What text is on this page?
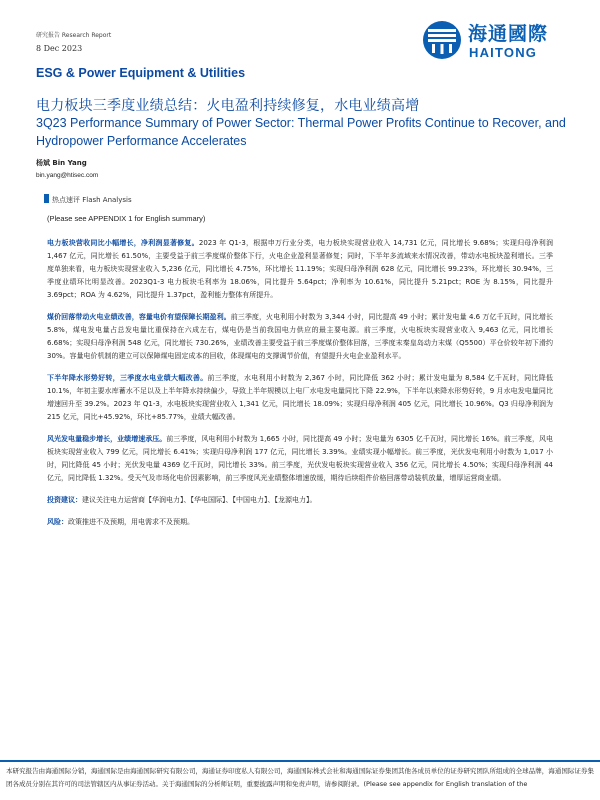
研究报告 Research Report
8 Dec 2023
海通國際
HAITONG
ESG & Power Equipment & Utilities
电力板块三季度业绩总结：火电盈利持续修复，水电业绩高增
3Q23 Performance Summary of Power Sector: Thermal Power Profits Continue to Recover, and Hydropower Performance Accelerates
杨斌 Bin Yang
bin.yang@htisec.com
热点速评 Flash Analysis
(Please see APPENDIX 1 for English summary)

电力板块营收同比小幅增长，净利润显著修复。2023 年 Q1-3，根据申万行业分类，电力板块实现营业收入 14,731 亿元，同比增长 9.68%；实现归母净利润 1,467 亿元，同比增长 61.50%，主要受益于前三季度煤价整体下行，火电企业盈利显著修复；同时，下半年多流域来水情况改善，带动水电板块盈利增长。三季度单独来看，电力板块实现营业收入 5,236 亿元，同比增长 4.75%，环比增长 11.19%；实现归母净利润 628 亿元，同比增长 99.23%，环比增长 30.94%，三季度业绩环比明显改善。2023Q1-3 电力板块毛利率为 18.06%，同比提升 5.64pct；净利率为 10.61%，同比提升 5.21pct；ROE 为 8.15%，同比提升 3.69pct；ROA 为 4.62%，同比提升 1.37pct，盈利能力整体有所提升。

煤价回落带动火电业绩改善，容量电价有望保障长期盈利。前三季度，火电利用小时数为 3,344 小时，同比提高 49 小时；累计发电量 4.6 万亿千瓦时，同比增长 5.8%，煤电发电量占总发电量比重保持在六成左右，煤电仍是当前我国电力供应的最主要电源。前三季度，火电板块实现营业收入 9,463 亿元，同比增长 6.68%；实现归母净利润 548 亿元，同比增长 730.26%，业绩改善主要受益于前三季度煤价整体回落，三季度末秦皇岛动力末煤（Q5500）平仓价较年初下滑约 30%。容量电价机制的建立可以保障煤电固定成本的回收，体现煤电的支撑调节价值，有望提升火电企业盈利水平。

下半年降水形势好转，三季度水电业绩大幅改善。前三季度，水电利用小时数为 2,367 小时，同比降低 362 小时；累计发电量为 8,584 亿千瓦时，同比降低 10.1%，年初主要水库蓄水不足以及上半年降水持续偏少，导致上半年规模以上电厂水电发电量同比下降 22.9%，下半年以来降水形势好转，9 月水电发电量同比增速回升至 39.2%。2023 年 Q1-3，水电板块实现营业收入 1,341 亿元，同比增长 18.09%；实现归母净利润 405 亿元，同比增长 10.96%。Q3 归母净利润为 215 亿元，同比+45.92%，环比+85.77%，业绩大幅改善。

风光发电量稳步增长，业绩增速承压。前三季度，风电利用小时数为 1,665 小时，同比提高 49 小时；发电量为 6305 亿千瓦时，同比增长 16%。前三季度，风电板块实现营业收入 799 亿元，同比增长 6.41%；实现归母净利润 177 亿元，同比增长 3.39%。业绩实现小幅增长。前三季度，光伏发电利用小时数为 1,017 小时，同比降低 45 小时；光伏发电量 4369 亿千瓦时，同比增长 33%。前三季度，光伏发电板块实现营业收入 356 亿元，同比增长 4.50%；实现归母净利润 44 亿元，同比降低 1.32%。受天气及市场化电价因素影响，前三季度风光业绩整体增速放缓，期待后续组件价格回落带动装机放量，增厚运营商业绩。

投资建议：建议关注电力运营商【华润电力】、【华电国际】、【中国电力】、【龙源电力】。

风险：政策推进不及预期，用电需求不及预期。

本研究报告由海通国际分销，海通国际是由海通国际研究有限公司，海通证券印度私人有限公司，海通国际株式会社和海通国际证券集团其他各成员单位的证券研究团队所组成的全球品牌，海通国际证券集团各成员分别在其许可的司法管辖区内从事证券活动。关于海通国际的分析师证明，重要披露声明和免责声明，请参阅附录。(Please see appendix for English translation of the
